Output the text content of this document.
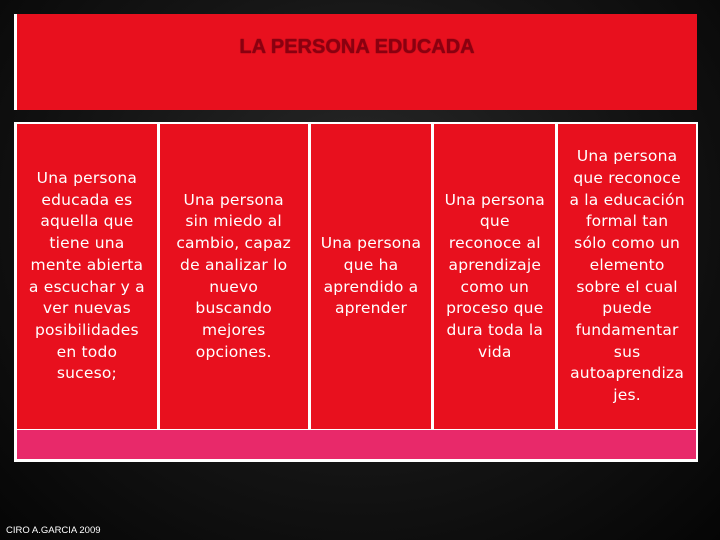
LA PERSONA EDUCADA
Una persona
educada es
aquella que
tiene una
mente abierta
a escuchar y a
ver nuevas
posibilidades
en todo
suceso;
Una persona
sin miedo al
cambio, capaz
de analizar lo
nuevo
buscando
mejores
opciones.
Una persona
que ha
aprendido a
aprender
Una persona
que
reconoce al
aprendizaje
como un
proceso que
dura toda la
vida
Una persona
que reconoce
a la educación
formal tan
sólo como un
elemento
sobre el cual
puede
fundamentar
sus
autoaprendiza
jes.
CIRO A.GARCIA 2009
